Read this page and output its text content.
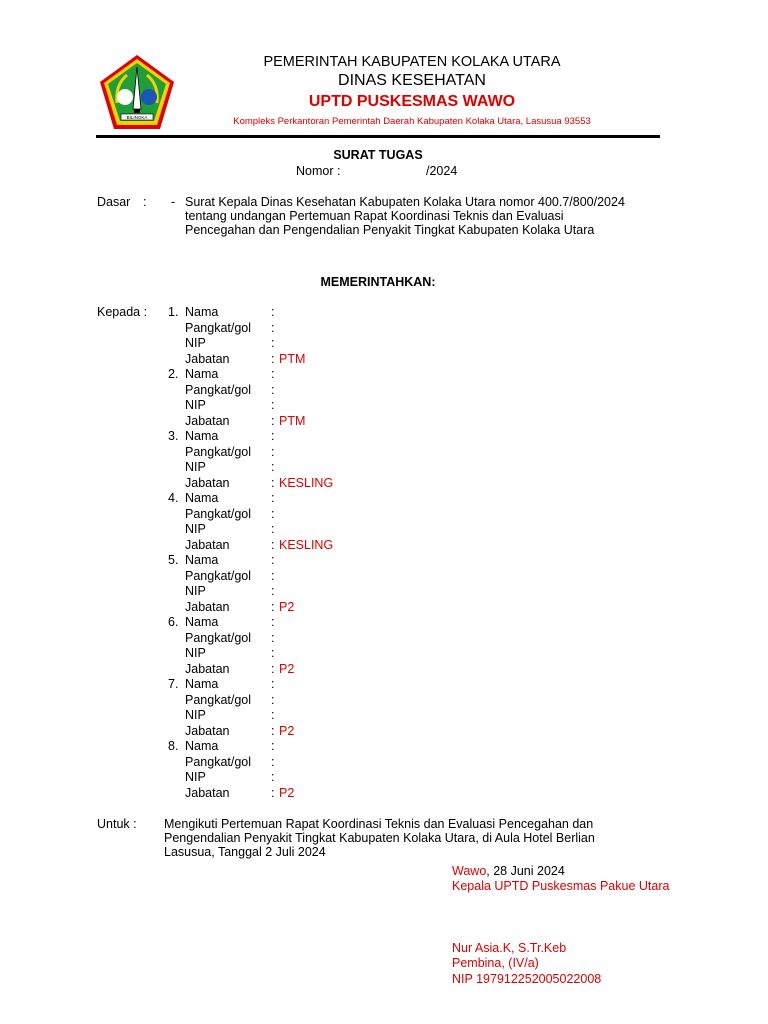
BILINGKA
PEMERINTAH KABUPATEN KOLAKA UTARA
DINAS KESEHATAN
UPTD PUSKESMAS WAWO
Kompleks Perkantoran Pemerintah Daerah Kabupaten Kolaka Utara, Lasusua 93553
SURAT TUGAS
Nomor :	/2024
Dasar : - Surat Kepala Dinas Kesehatan Kabupaten Kolaka Utara nomor 400.7/800/2024
tentang undangan Pertemuan Rapat Koordinasi Teknis dan Evaluasi
Pencegahan dan Pengendalian Penyakit Tingkat Kabupaten Kolaka Utara
MEMERINTAHKAN:
Kepada : 1. Nama	:
Pangkat/gol :
NIP	:
Jabatan	: PTM
2. Nama	:
Pangkat/gol :
NIP	:
Jabatan	: PTM
3. Nama	:
Pangkat/gol :
NIP	:
Jabatan	: KESLING
4. Nama	:
Pangkat/gol :
NIP	:
Jabatan	: KESLING
5. Nama	:
Pangkat/gol :
NIP	:
Jabatan	: P2
6. Nama	:
Pangkat/gol :
NIP	:
Jabatan	: P2
7. Nama	:
Pangkat/gol :
NIP	:
Jabatan	: P2
8. Nama	:
Pangkat/gol :
NIP	:
Jabatan	: P2
Untuk : Mengikuti Pertemuan Rapat Koordinasi Teknis dan Evaluasi Pencegahan dan
Pengendalian Penyakit Tingkat Kabupaten Kolaka Utara, di Aula Hotel Berlian
Lasusua, Tanggal 2 Juli 2024
Wawo, 28 Juni 2024
Kepala UPTD Puskesmas Pakue Utara
Nur Asia.K, S.Tr.Keb
Pembina, (IV/a)
NIP 197912252005022008
